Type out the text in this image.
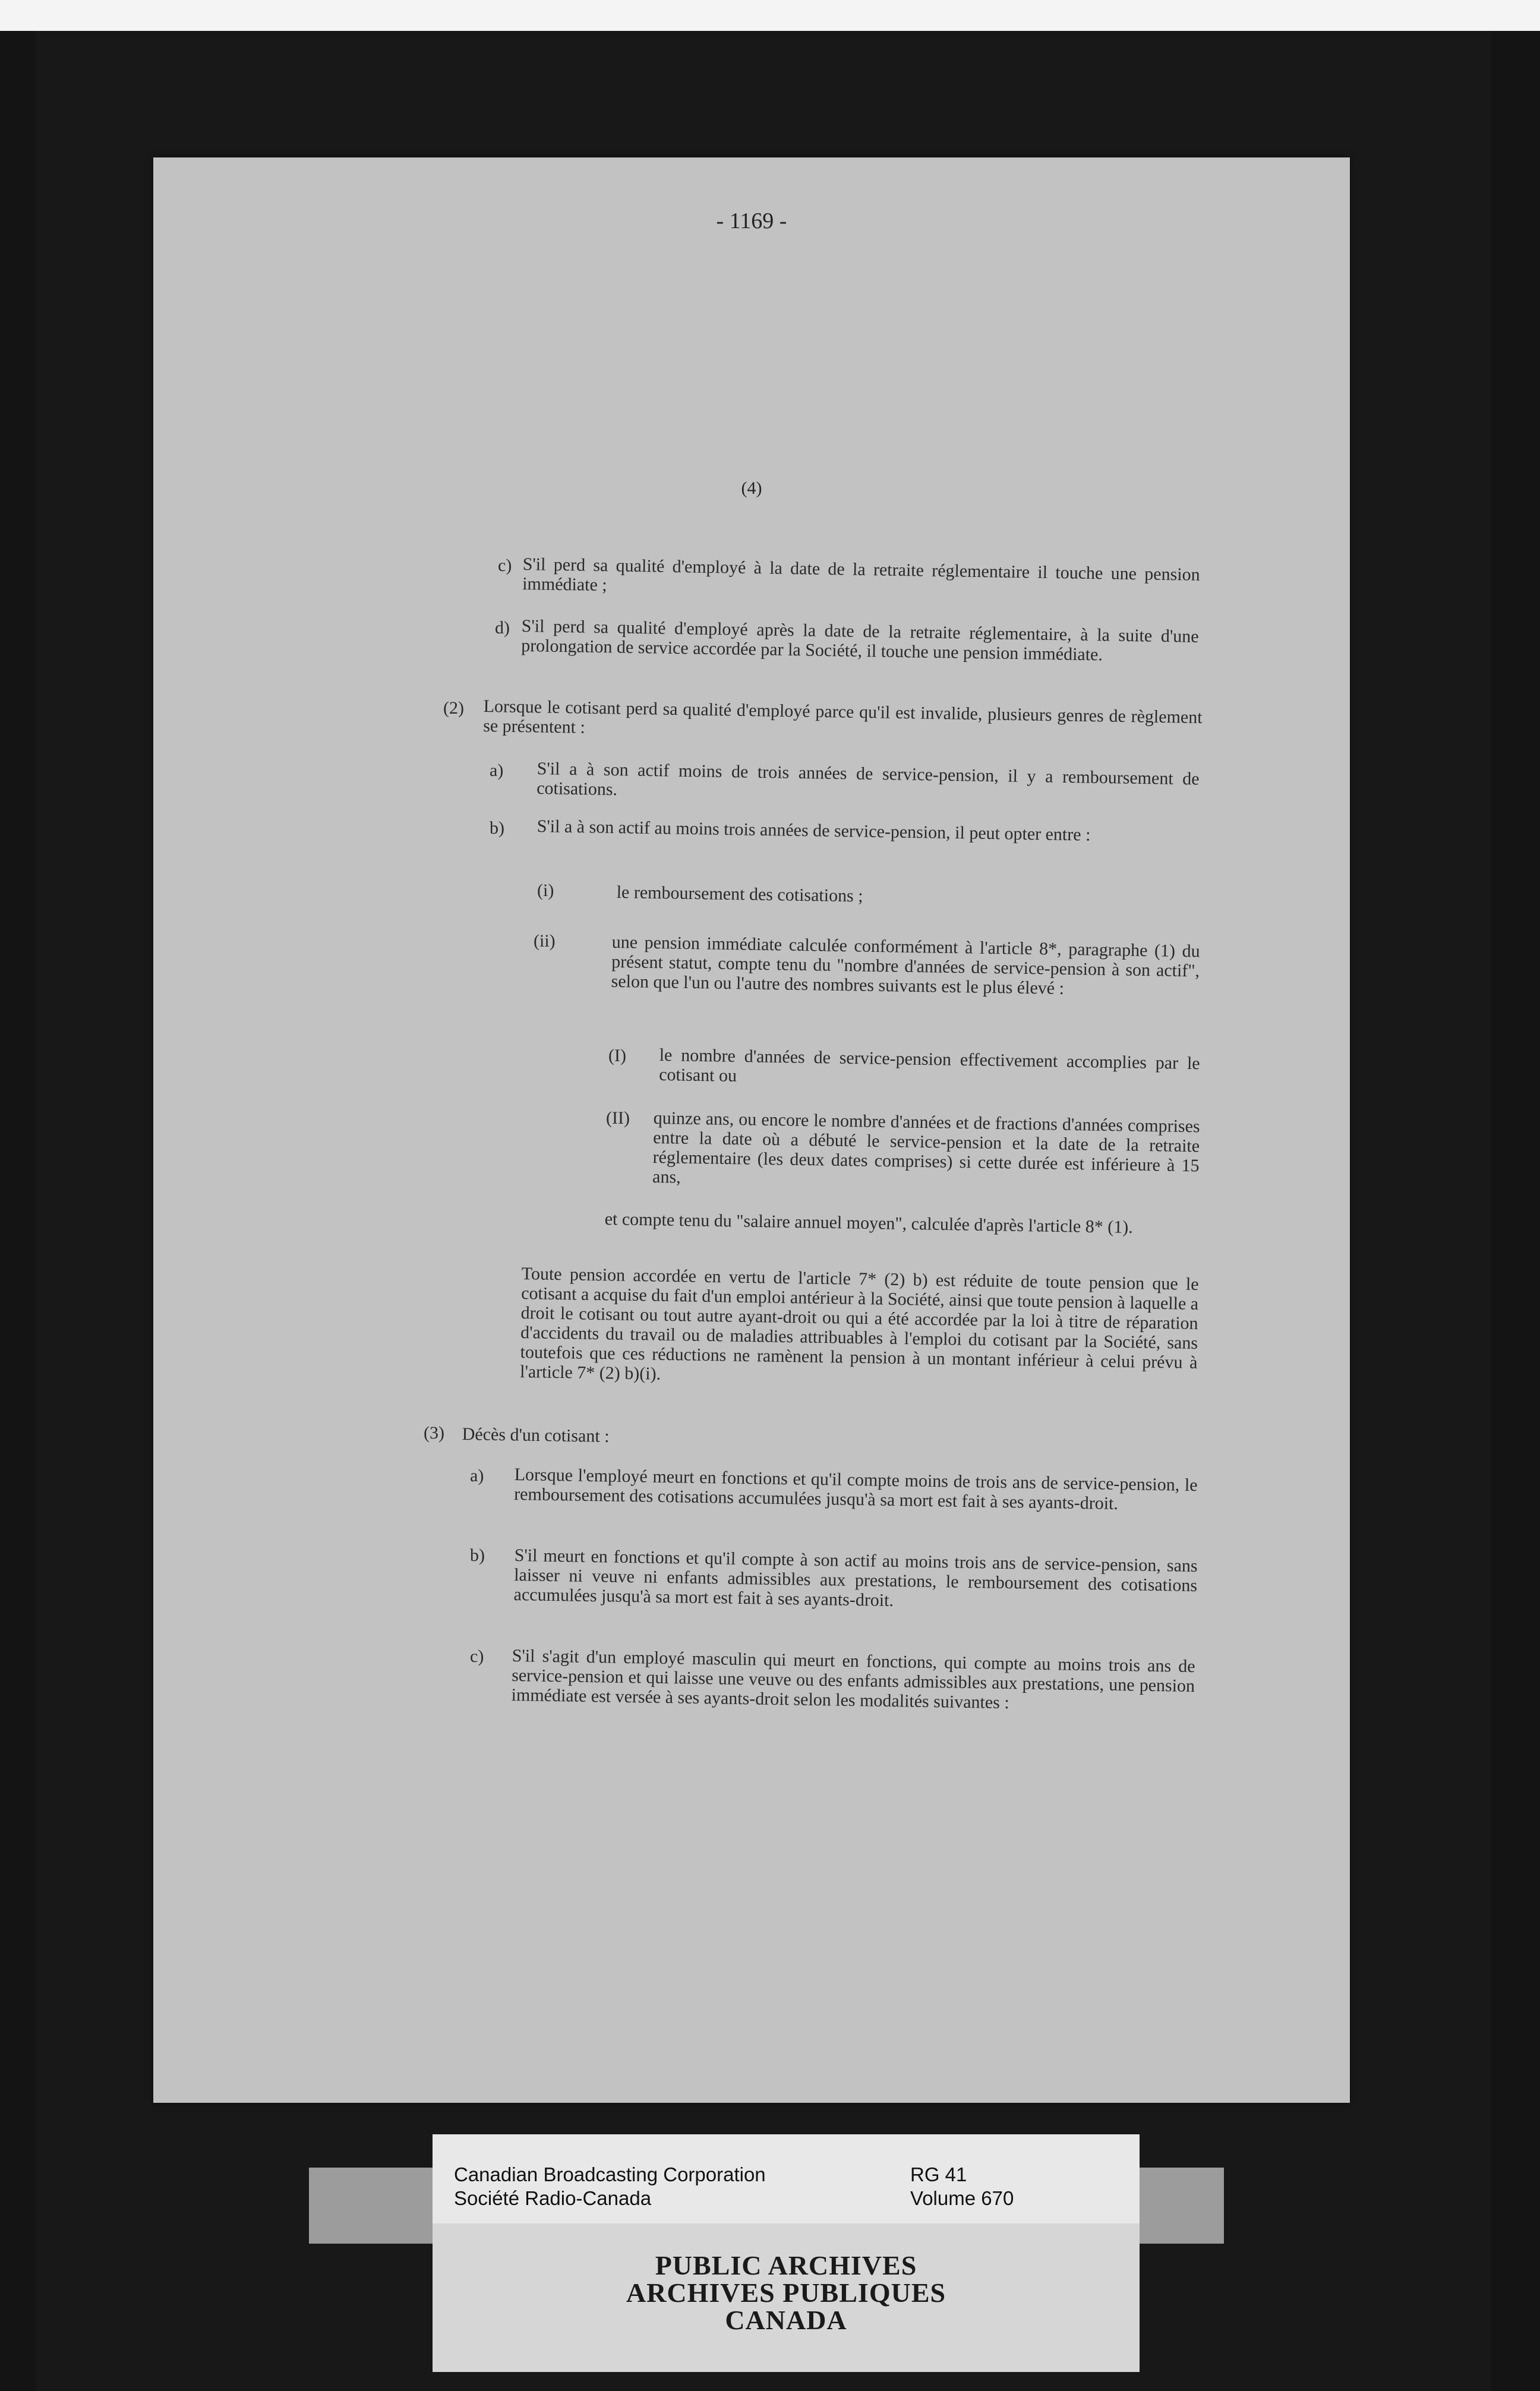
- 1169 -
(4)
c) S'il perd sa qualité d'employé à la date de la retraite réglementaire il touche une pension immédiate ;
d) S'il perd sa qualité d'employé après la date de la retraite réglementaire, à la suite d'une prolongation de service accordée par la Société, il touche une pension immédiate.
(2) Lorsque le cotisant perd sa qualité d'employé parce qu'il est invalide, plusieurs genres de règlement se présentent :
a) S'il a à son actif moins de trois années de service-pension, il y a remboursement de cotisations.
b) S'il a à son actif au moins trois années de service-pension, il peut opter entre :
(i)	le remboursement des cotisations ;
(ii)	une pension immédiate calculée conformément à l'article 8*, paragraphe (1) du présent statut, compte tenu du "nombre d'années de service-pension à son actif", selon que l'un ou l'autre des nombres suivants est le plus élevé :
(I) le nombre d'années de service-pension effectivement accomplies par le cotisant ou
(II) quinze ans, ou encore le nombre d'années et de fractions d'années comprises entre la date où a débuté le service-pension et la date de la retraite réglementaire (les deux dates comprises) si cette durée est inférieure à 15 ans,
et compte tenu du "salaire annuel moyen", calculée d'après l'article 8* (1).
Toute pension accordée en vertu de l'article 7* (2) b) est réduite de toute pension que le cotisant a acquise du fait d'un emploi antérieur à la Société, ainsi que toute pension à laquelle a droit le cotisant ou tout autre ayant-droit ou qui a été accordée par la loi à titre de réparation d'accidents du travail ou de maladies attribuables à l'emploi du cotisant par la Société, sans toutefois que ces réductions ne ramènent la pension à un montant inférieur à celui prévu à l'article 7* (2) b)(i).
(3) Décès d'un cotisant :
a) Lorsque l'employé meurt en fonctions et qu'il compte moins de trois ans de service-pension, le remboursement des cotisations accumulées jusqu'à sa mort est fait à ses ayants-droit.
b) S'il meurt en fonctions et qu'il compte à son actif au moins trois ans de service-pension, sans laisser ni veuve ni enfants admissibles aux prestations, le remboursement des cotisations accumulées jusqu'à sa mort est fait à ses ayants-droit.
c) S'il s'agit d'un employé masculin qui meurt en fonctions, qui compte au moins trois ans de service-pension et qui laisse une veuve ou des enfants admissibles aux prestations, une pension immédiate est versée à ses ayants-droit selon les modalités suivantes :
Canadian Broadcasting Corporation
Société Radio-Canada
RG 41
Volume 670
PUBLIC ARCHIVES
ARCHIVES PUBLIQUES
CANADA
